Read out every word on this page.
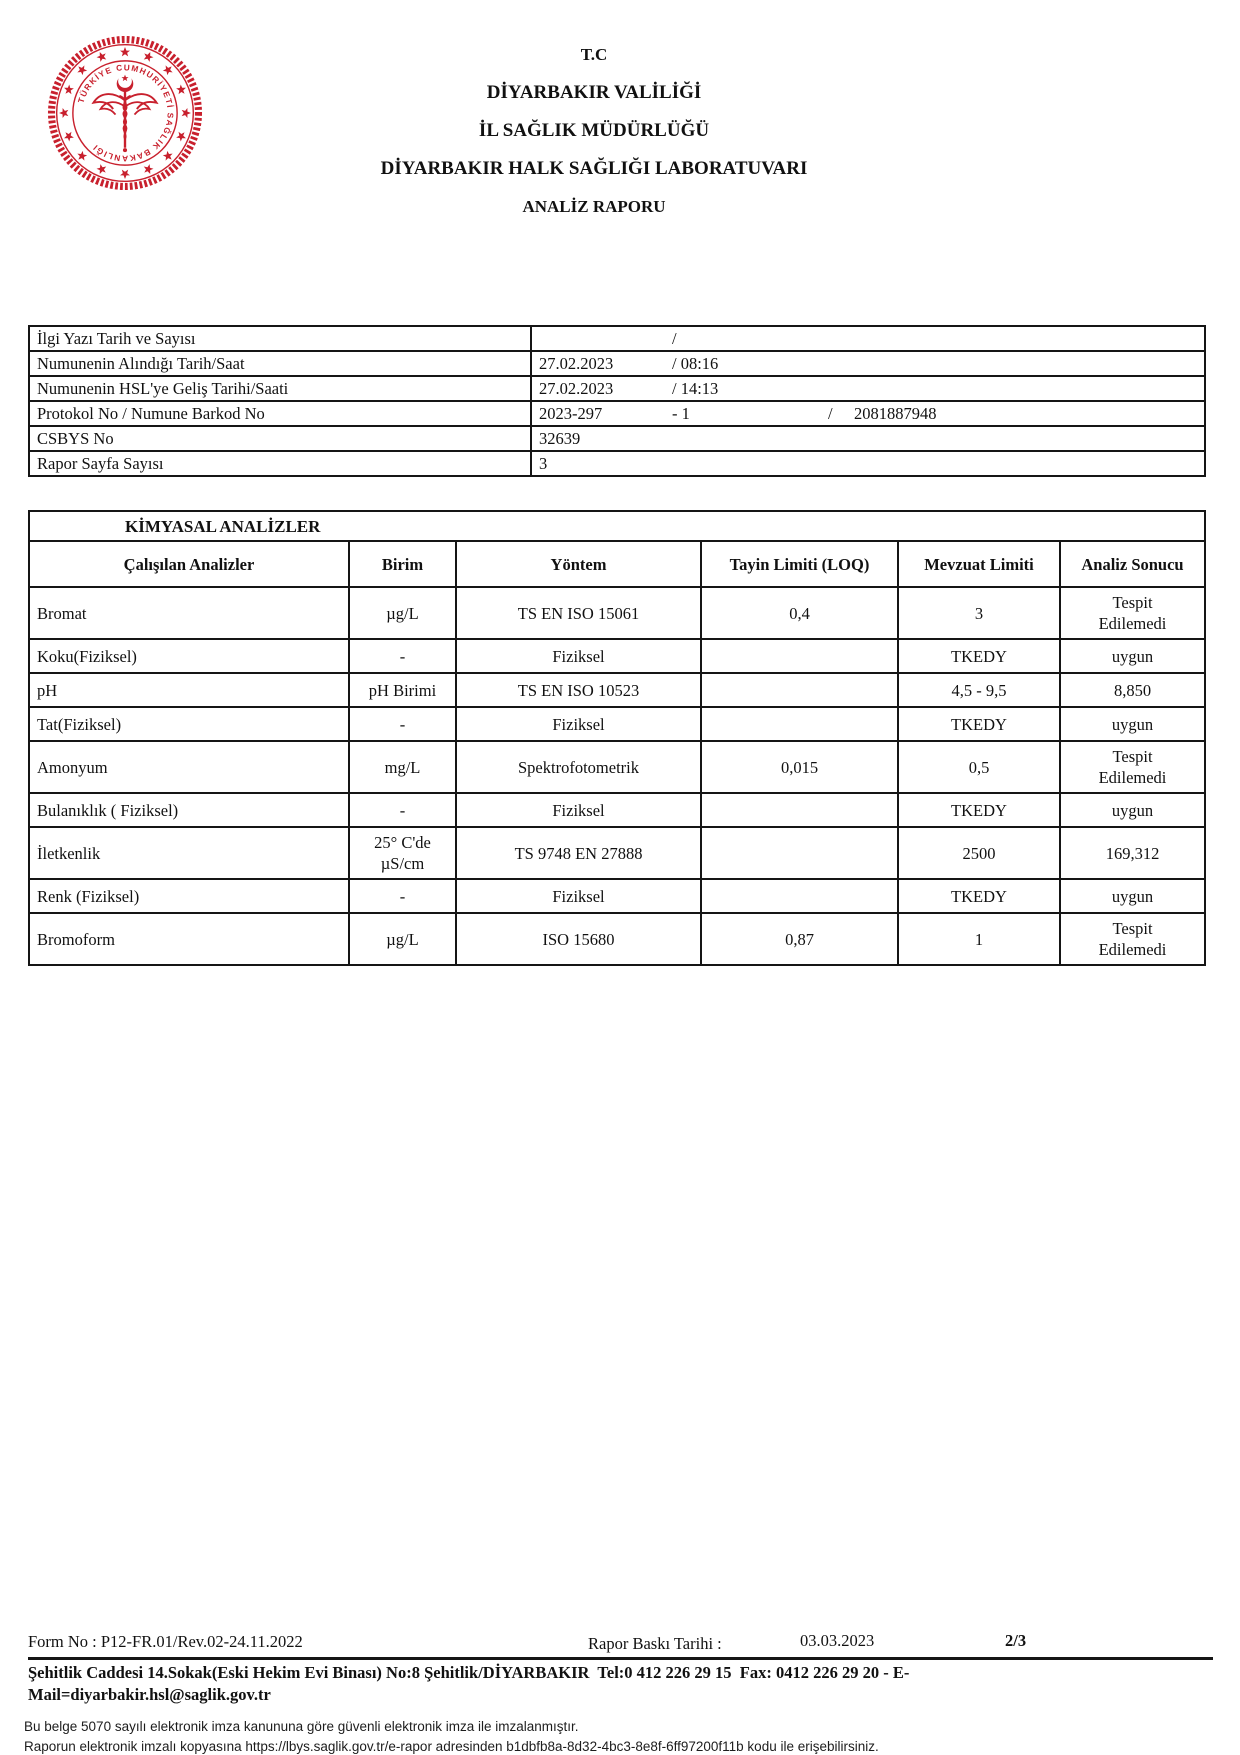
TÜRKİYE CUMHURİYETİ SAĞLIK BAKANLIĞI
T.C
DİYARBAKIR VALİLİĞİ
İL SAĞLIK MÜDÜRLÜĞÜ
DİYARBAKIR HALK SAĞLIĞI LABORATUVARI
ANALİZ RAPORU
İlgi Yazı Tarih ve Sayısı	/

Numunenin Alındığı Tarih/Saat	27.02.2023 / 08:16

Numunenin HSL'ye Geliş Tarihi/Saati	27.02.2023 / 14:13

Protokol No / Numune Barkod No	2023-297 - 1 / 2081887948

CSBYS No	32639

Rapor Sayfa Sayısı	3
KİMYASAL ANALİZLER					
Çalışılan Analizler	Birim	Yöntem	Tayin Limiti (LOQ)	Mevzuat Limiti	Analiz Sonucu
Bromat	µg/L	TS EN ISO 15061	0,4	3	Tespit Edilemedi
Koku(Fiziksel)	-	Fiziksel		TKEDY	uygun
pH	pH Birimi	TS EN ISO 10523		4,5 - 9,5	8,850
Tat(Fiziksel)	-	Fiziksel		TKEDY	uygun
Amonyum	mg/L	Spektrofotometrik	0,015	0,5	Tespit Edilemedi
Bulanıklık ( Fiziksel)	-	Fiziksel		TKEDY	uygun
İletkenlik	25° C'de µS/cm	TS 9748 EN 27888		2500	169,312
Renk (Fiziksel)	-	Fiziksel		TKEDY	uygun
Bromoform	µg/L	ISO 15680	0,87	1	Tespit Edilemedi
Form No : P12-FR.01/Rev.02-24.11.2022	Rapor Baskı Tarihi :	03.03.2023	2/3
Şehitlik Caddesi 14.Sokak(Eski Hekim Evi Binası) No:8 Şehitlik/DİYARBAKIR  Tel:0 412 226 29 15  Fax: 0412 226 29 20 - E-
Mail=diyarbakir.hsl@saglik.gov.tr
Bu belge 5070 sayılı elektronik imza kanununa göre güvenli elektronik imza ile imzalanmıştır.
Raporun elektronik imzalı kopyasına https://lbys.saglik.gov.tr/e-rapor adresinden b1dbfb8a-8d32-4bc3-8e8f-6ff97200f11b kodu ile erişebilirsiniz.
